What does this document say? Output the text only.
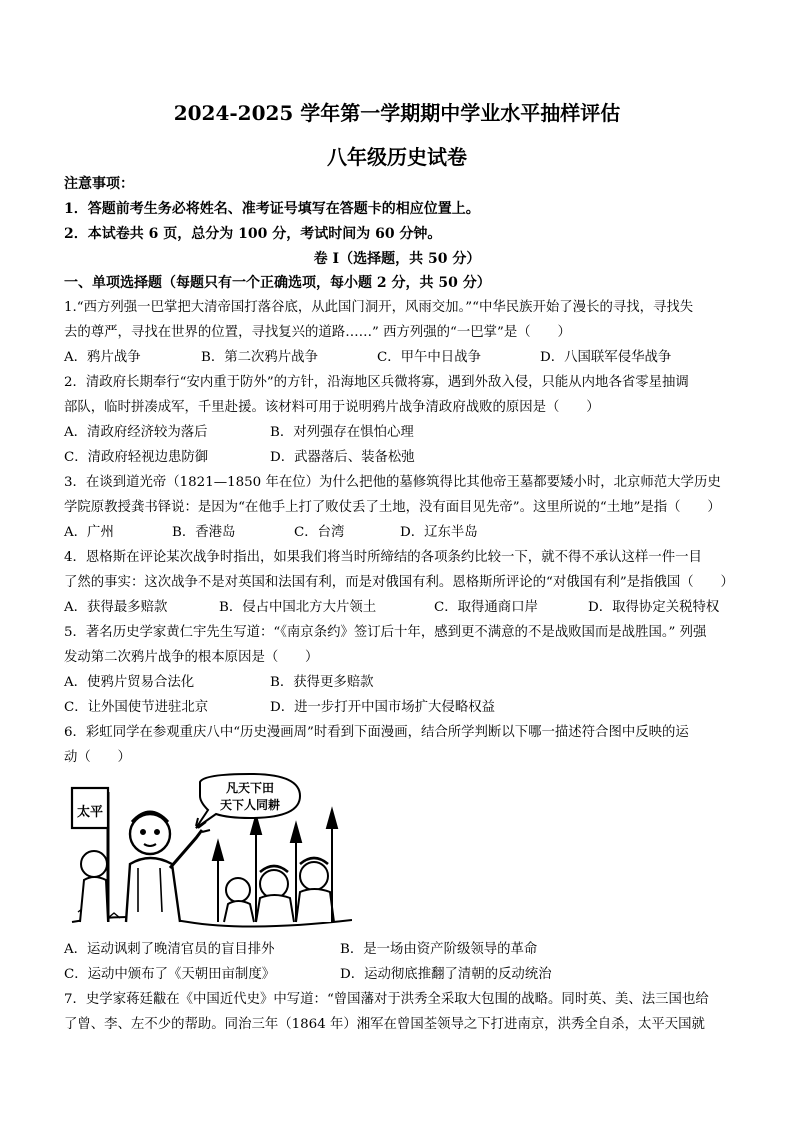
2024-2025 学年第一学期期中学业水平抽样评估
八年级历史试卷
注意事项：
1．答题前考生务必将姓名、准考证号填写在答题卡的相应位置上。
2．本试卷共 6 页，总分为 100 分，考试时间为 60 分钟。
卷 I（选择题，共 50 分）
一、单项选择题（每题只有一个正确选项，每小题 2 分，共 50 分）
1.“西方列强一巴掌把大清帝国打落谷底，从此国门洞开，风雨交加。”“中华民族开始了漫长的寻找，寻找失
去的尊严，寻找在世界的位置，寻找复兴的道路……” 西方列强的“一巴掌”是（　　）
A．鸦片战争	B．第二次鸦片战争	C．甲午中日战争	D．八国联军侵华战争
2．清政府长期奉行“安内重于防外”的方针，沿海地区兵微将寡，遇到外敌入侵，只能从内地各省零星抽调
部队，临时拼凑成军，千里赴援。该材料可用于说明鸦片战争清政府战败的原因是（　　）
A．清政府经济较为落后	B．对列强存在惧怕心理
C．清政府轻视边患防御	D．武器落后、装备松弛
3．在谈到道光帝（1821—1850 年在位）为什么把他的墓修筑得比其他帝王墓都要矮小时，北京师范大学历史
学院原教授龚书铎说：是因为“在他手上打了败仗丢了土地，没有面目见先帝”。这里所说的“土地”是指（　　）
A．广州	B．香港岛	C．台湾	D．辽东半岛
4．恩格斯在评论某次战争时指出，如果我们将当时所缔结的各项条约比较一下，就不得不承认这样一件一目
了然的事实：这次战争不是对英国和法国有利，而是对俄国有利。恩格斯所评论的“对俄国有利”是指俄国（　　）
A．获得最多赔款	B．侵占中国北方大片领土	C．取得通商口岸	D．取得协定关税特权
5．著名历史学家黄仁宇先生写道：“《南京条约》签订后十年，感到更不满意的不是战败国而是战胜国。” 列强
发动第二次鸦片战争的根本原因是（　　）
A．使鸦片贸易合法化	B．获得更多赔款
C．让外国使节进驻北京	D．进一步打开中国市场扩大侵略权益
6．彩虹同学在参观重庆八中“历史漫画周”时看到下面漫画，结合所学判断以下哪一描述符合图中反映的运
动（　　）
太平
凡天下田
天下人同耕
A．运动讽刺了晚清官员的盲目排外	B．是一场由资产阶级领导的革命
C．运动中颁布了《天朝田亩制度》	D．运动彻底推翻了清朝的反动统治
7．史学家蒋廷黻在《中国近代史》中写道：“曾国藩对于洪秀全采取大包围的战略。同时英、美、法三国也给
了曾、李、左不少的帮助。同治三年（1864 年）湘军在曾国荃领导之下打进南京，洪秀全自杀，太平天国就
